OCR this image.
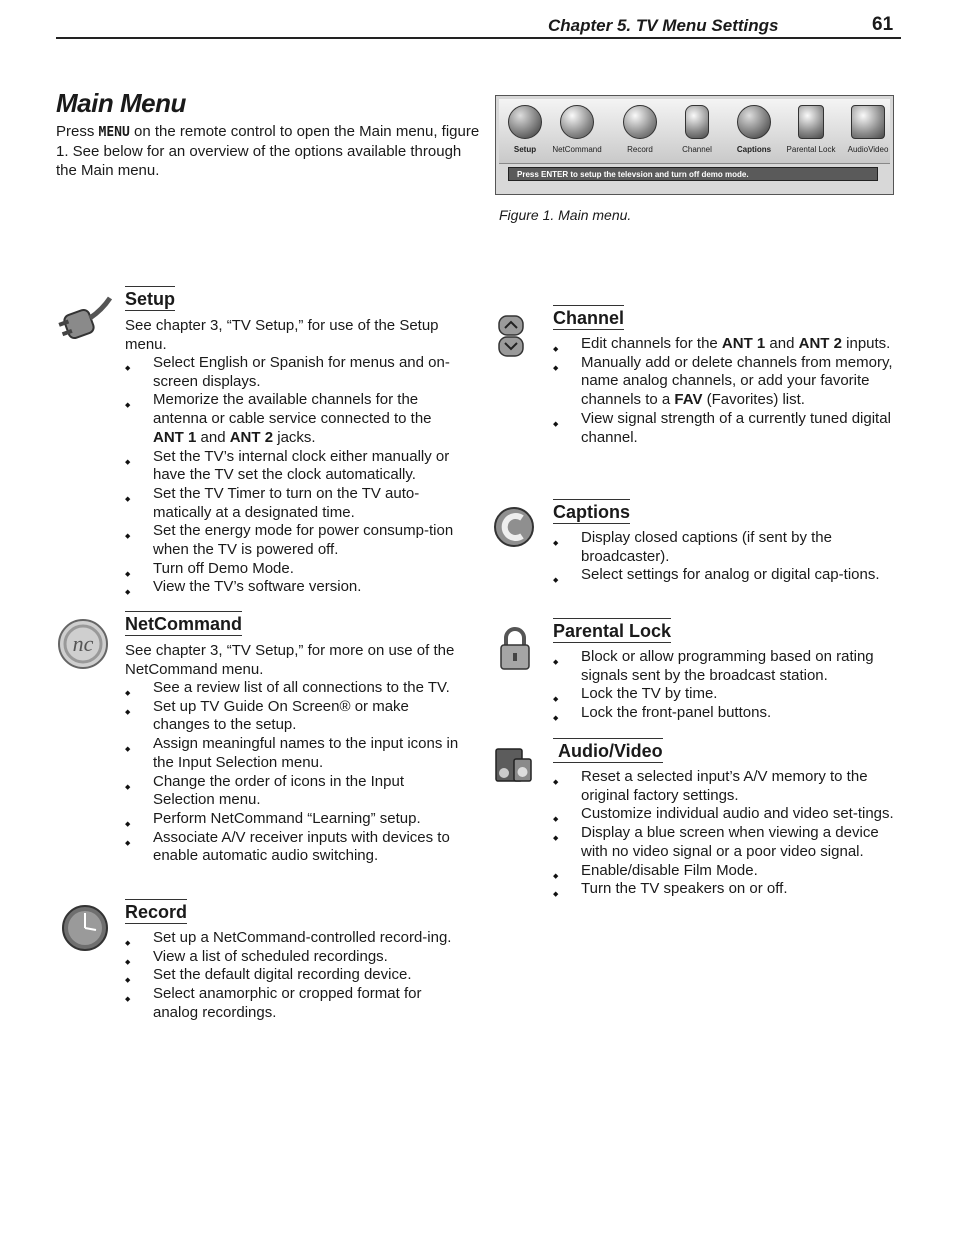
Chapter 5. TV Menu Settings	61
Main Menu
Press MENU on the remote control to open the Main menu, figure 1. See below for an overview of the options available through the Main menu.
Setup	NetCommand	Record	Channel	Captions	Parental Lock	AudioVideo
Press ENTER to setup the televsion and turn off demo mode.
Figure 1. Main menu.
nc
Setup
See chapter 3, “TV Setup,” for use of the Setup menu.
◆ Select English or Spanish for menus and on-screen displays.
◆ Memorize the available channels for the antenna or cable service connected to the ANT 1 and ANT 2 jacks.
◆ Set the TV’s internal clock either manually or have the TV set the clock automatically.
◆ Set the TV Timer to turn on the TV auto-matically at a designated time.
◆ Set the energy mode for power consump-tion when the TV is powered off.
◆ Turn off Demo Mode.
◆ View the TV’s software version.
NetCommand
See chapter 3, “TV Setup,” for more on use of the NetCommand menu.
◆ See a review list of all connections to the TV.
◆ Set up TV Guide On Screen® or make changes to the setup.
◆ Assign meaningful names to the input icons in the Input Selection menu.
◆ Change the order of icons in the Input Selection menu.
◆ Perform NetCommand “Learning” setup.
◆ Associate A/V receiver inputs with devices to enable automatic audio switching.
Record
◆ Set up a NetCommand-controlled record-ing.
◆ View a list of scheduled recordings.
◆ Set the default digital recording device.
◆ Select anamorphic or cropped format for analog recordings.
Channel
◆ Edit channels for the ANT 1 and ANT 2 inputs.
◆ Manually add or delete channels from memory, name analog channels, or add your favorite channels to a FAV (Favorites) list.
◆ View signal strength of a currently tuned digital channel.
Captions
◆ Display closed captions (if sent by the broadcaster).
◆ Select settings for analog or digital cap-tions.
Parental Lock
◆ Block or allow programming based on rating signals sent by the broadcast station.
◆ Lock the TV by time.
◆ Lock the front-panel buttons.
Audio/Video
◆ Reset a selected input’s A/V memory to the original factory settings.
◆ Customize individual audio and video set-tings.
◆ Display a blue screen when viewing a device with no video signal or a poor video signal.
◆ Enable/disable Film Mode.
◆ Turn the TV speakers on or off.
